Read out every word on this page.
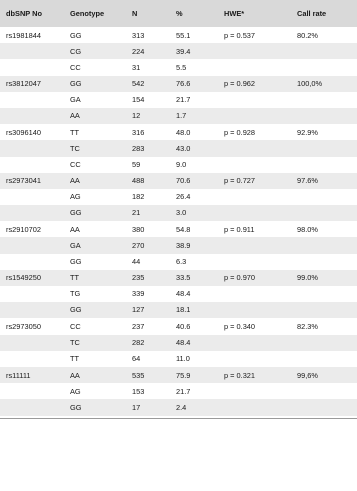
dbSNP No	Genotype	N	%	HWE*	Call rate
rs1981844	GG	313	55.1	p = 0.537	80.2%
	CG	224	39.4		
	CC	31	5.5		
rs3812047	GG	542	76.6	p = 0.962	100,0%
	GA	154	21.7		
	AA	12	1.7		
rs3096140	TT	316	48.0	p = 0.928	92.9%
	TC	283	43.0		
	CC	59	9.0		
rs2973041	AA	488	70.6	p = 0.727	97.6%
	AG	182	26.4		
	GG	21	3.0		
rs2910702	AA	380	54.8	p = 0.911	98.0%
	GA	270	38.9		
	GG	44	6.3		
rs1549250	TT	235	33.5	p = 0.970	99.0%
	TG	339	48.4		
	GG	127	18.1		
rs2973050	CC	237	40.6	p = 0.340	82.3%
	TC	282	48.4		
	TT	64	11.0		
rs11111	AA	535	75.9	p = 0.321	99,6%
	AG	153	21.7		
	GG	17	2.4		
